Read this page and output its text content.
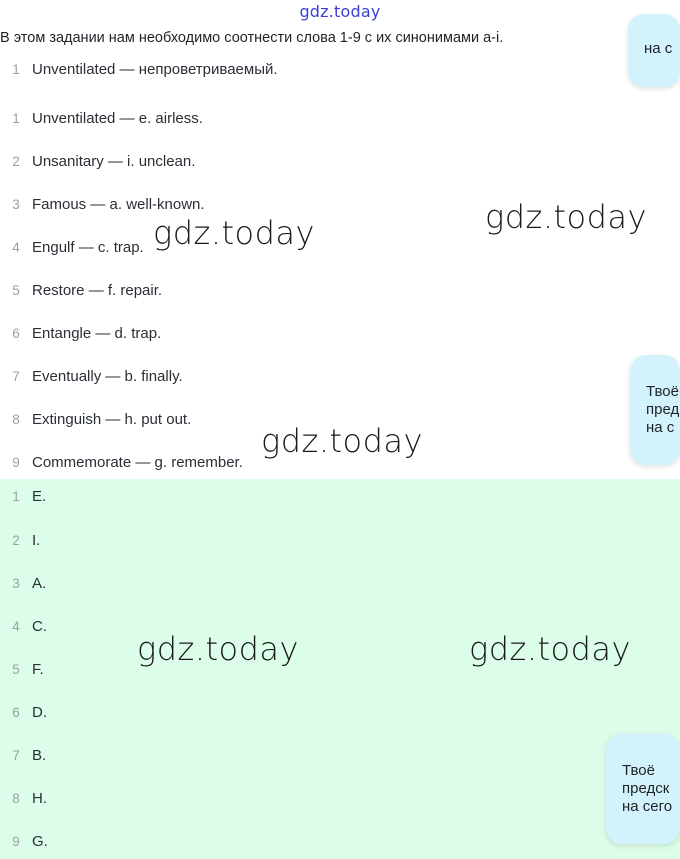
gdz.today
В этом задании нам необходимо соотнести слова 1-9 с их синонимами a-i.
1 Unventilated — непроветриваемый.
1 Unventilated — e. airless.
2 Unsanitary — i. unclean.
3 Famous — a. well-known.
4 Engulf — c. trap.
5 Restore — f. repair.
6 Entangle — d. trap.
7 Eventually — b. finally.
8 Extinguish — h. put out.
9 Commemorate — g. remember.
1 E.
2 I.
3 A.
4 C.
5 F.
6 D.
7 B.
8 H.
9 G.
gdz.today	gdz.today
gdz.today
gdz.today	gdz.today
на с
Твоё
пред
на с
Твоё
предск
на сего
